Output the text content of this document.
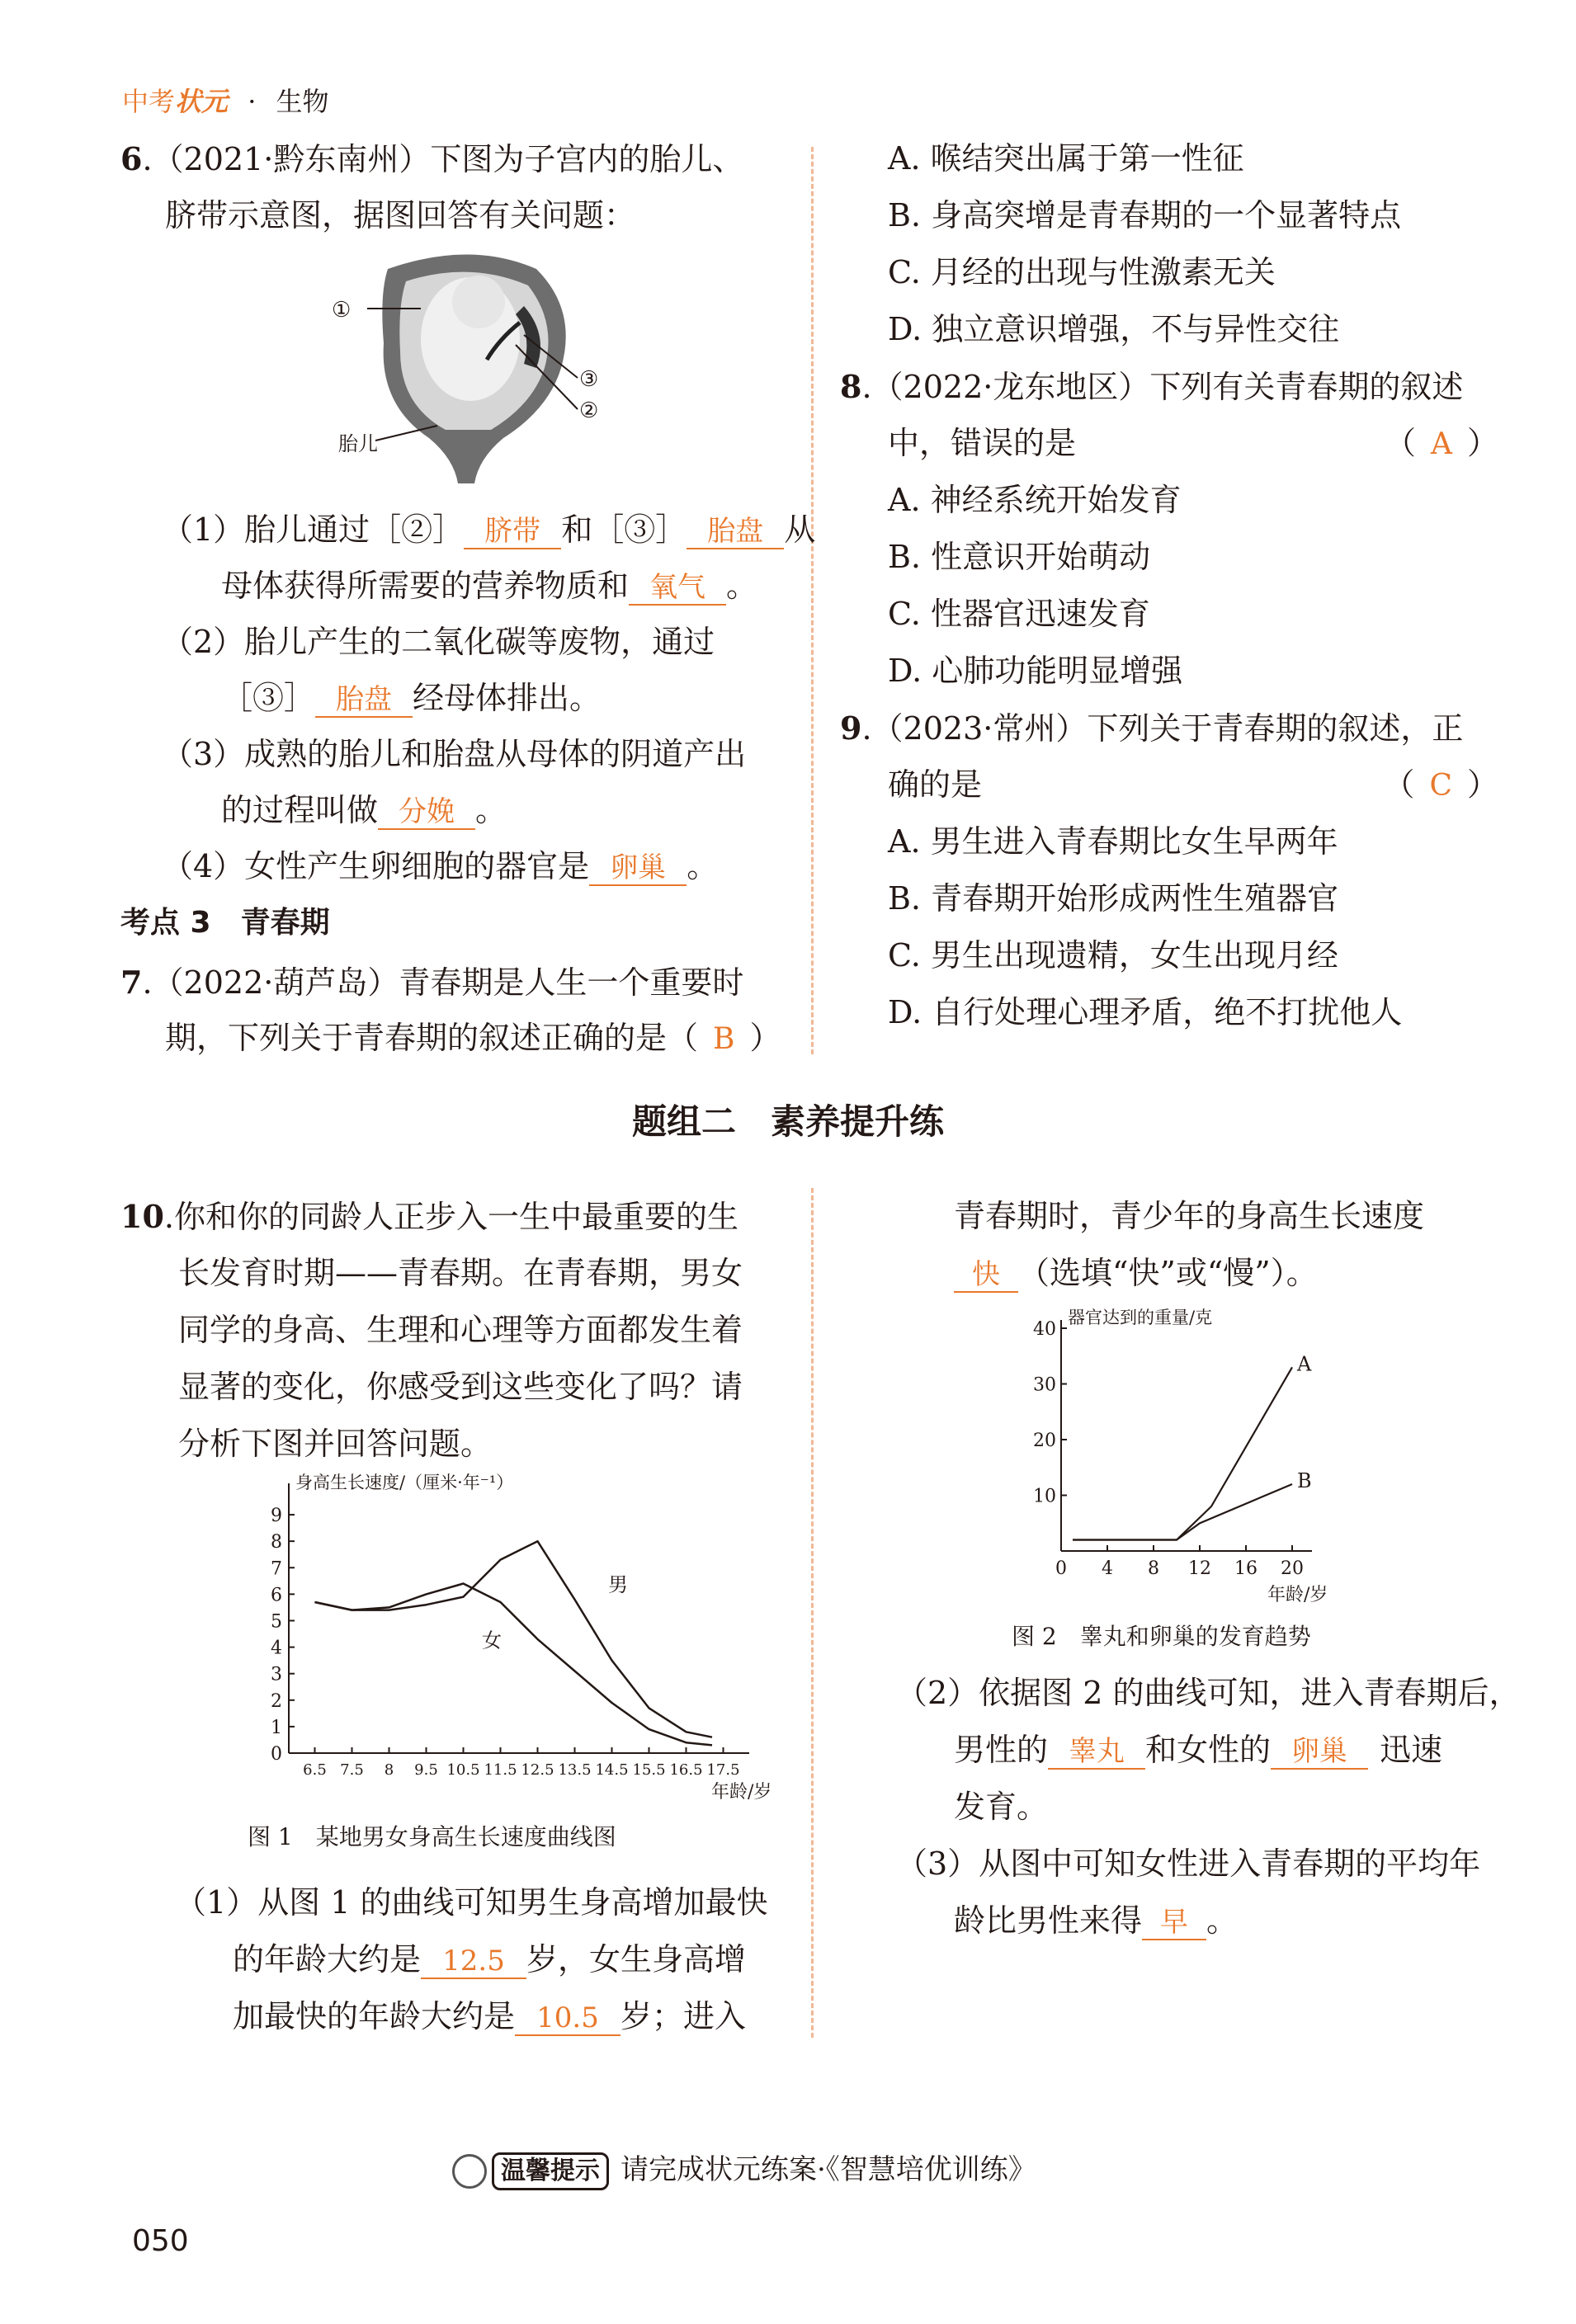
中考状元 · 生物
6.（2021·黔东南州）下图为子宫内的胎儿、
脐带示意图，据图回答有关问题：
①
③
②
胎儿
（1）胎儿通过［②］ 脐带 和［③］ 胎盘 从
母体获得所需要的营养物质和 氧气 。
（2）胎儿产生的二氧化碳等废物，通过
［③］ 胎盘 经母体排出。
（3）成熟的胎儿和胎盘从母体的阴道产出
的过程叫做 分娩 。
（4）女性产生卵细胞的器官是 卵巢 。
考点 3　青春期
7.（2022·葫芦岛）青春期是人生一个重要时
期，下列关于青春期的叙述正确的是（ B ）
A. 喉结突出属于第一性征
B. 身高突增是青春期的一个显著特点
C. 月经的出现与性激素无关
D. 独立意识增强，不与异性交往
8.（2022·龙东地区）下列有关青春期的叙述
中，错误的是	（ A ）
A. 神经系统开始发育
B. 性意识开始萌动
C. 性器官迅速发育
D. 心肺功能明显增强
9.（2023·常州）下列关于青春期的叙述，正
确的是	（ C ）
A. 男生进入青春期比女生早两年
B. 青春期开始形成两性生殖器官
C. 男生出现遗精，女生出现月经
D. 自行处理心理矛盾，绝不打扰他人
题组二　素养提升练
10.你和你的同龄人正步入一生中最重要的生
长发育时期——青春期。在青春期，男女
同学的身高、生理和心理等方面都发生着
显著的变化，你感受到这些变化了吗？请
分析下图并回答问题。
身高生长速度/（厘米·年⁻¹）
0
1
2
3
4
5
6
7
8
9
6.5 7.5 8 9.5 10.5 11.5 12.5 13.5 14.5 15.5 16.5 17.5
年龄/岁
男
女
图 1　某地男女身高生长速度曲线图
（1）从图 1 的曲线可知男生身高增加最快
的年龄大约是 12.5 岁，女生身高增
加最快的年龄大约是 10.5 岁；进入
青春期时，青少年的身高生长速度
快 （选填“快”或“慢”）。
器官达到的重量/克
10
20
30
40
0 4 8 12 16 20
年龄/岁
A
B
图 2　睾丸和卵巢的发育趋势
（2）依据图 2 的曲线可知，进入青春期后，
男性的 睾丸 和女性的 卵巢 迅速
发育。
（3）从图中可知女性进入青春期的平均年
龄比男性来得 早 。
温馨提示 请完成状元练案·《智慧培优训练》
050
